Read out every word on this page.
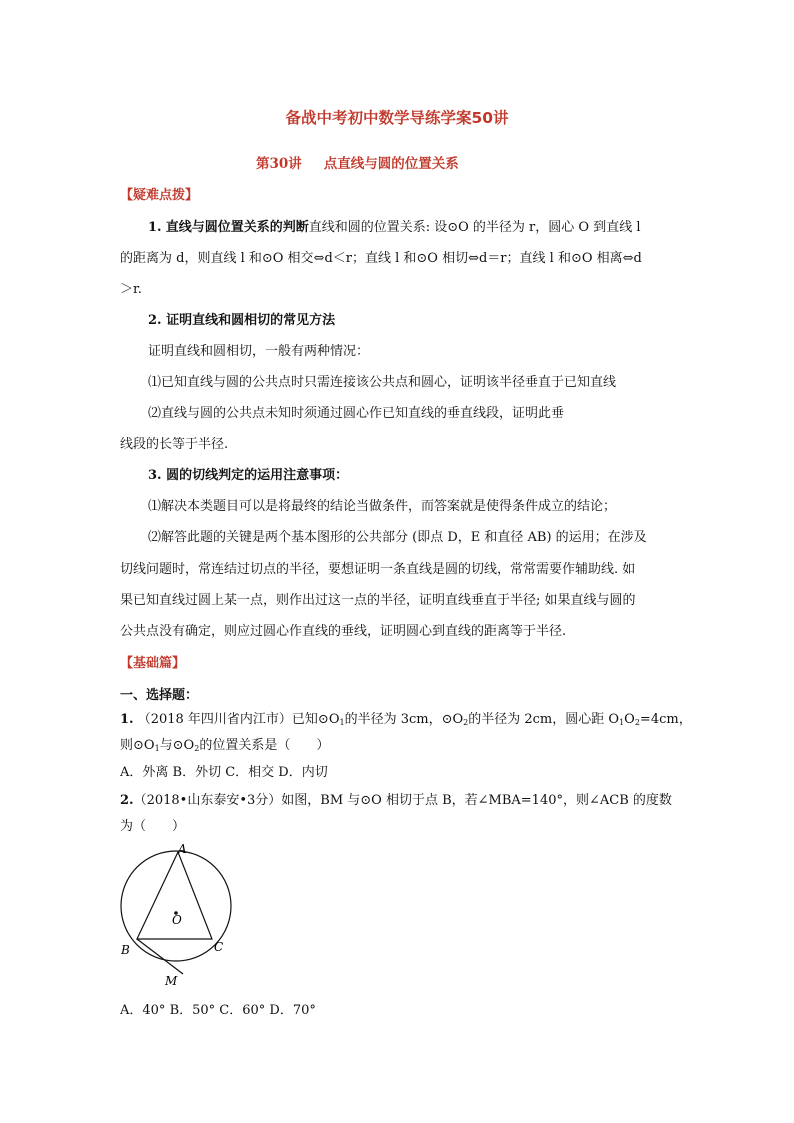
备战中考初中数学导练学案50讲
第30讲 点直线与圆的位置关系
【疑难点拨】
1. 直线与圆位置关系的判断直线和圆的位置关系: 设⊙O 的半径为 r，圆心 O 到直线 l
的距离为 d，则直线 l 和⊙O 相交⇔d＜r；直线 l 和⊙O 相切⇔d＝r；直线 l 和⊙O 相离⇔d
＞r.
2. 证明直线和圆相切的常见方法
证明直线和圆相切，一般有两种情况：
⑴已知直线与圆的公共点时只需连接该公共点和圆心，证明该半径垂直于已知直线
⑵直线与圆的公共点未知时须通过圆心作已知直线的垂直线段，证明此垂
线段的长等于半径.
3. 圆的切线判定的运用注意事项：
⑴解决本类题目可以是将最终的结论当做条件，而答案就是使得条件成立的结论；
⑵解答此题的关键是两个基本图形的公共部分 (即点 D，E 和直径 AB) 的运用；在涉及
切线问题时，常连结过切点的半径，要想证明一条直线是圆的切线，常常需要作辅助线. 如
果已知直线过圆上某一点，则作出过这一点的半径，证明直线垂直于半径; 如果直线与圆的
公共点没有确定，则应过圆心作直线的垂线，证明圆心到直线的距离等于半径.
【基础篇】
一、选择题：
1. （2018 年四川省内江市）已知$⊙O_1$的半径为 3cm，$⊙O_2$的半径为 2cm，圆心距 $O_1O_2=4cm$，
则$⊙O_1$与$⊙O_2$的位置关系是（　　）
A．外离 B．外切 C．相交 D．内切
2.（2018•山东泰安•3分）如图，BM 与⊙O 相切于点 B，若∠MBA=140°，则∠ACB 的度数
为（　　）
A
B	C
O
M
A．40° B．50° C．60° D．70°
